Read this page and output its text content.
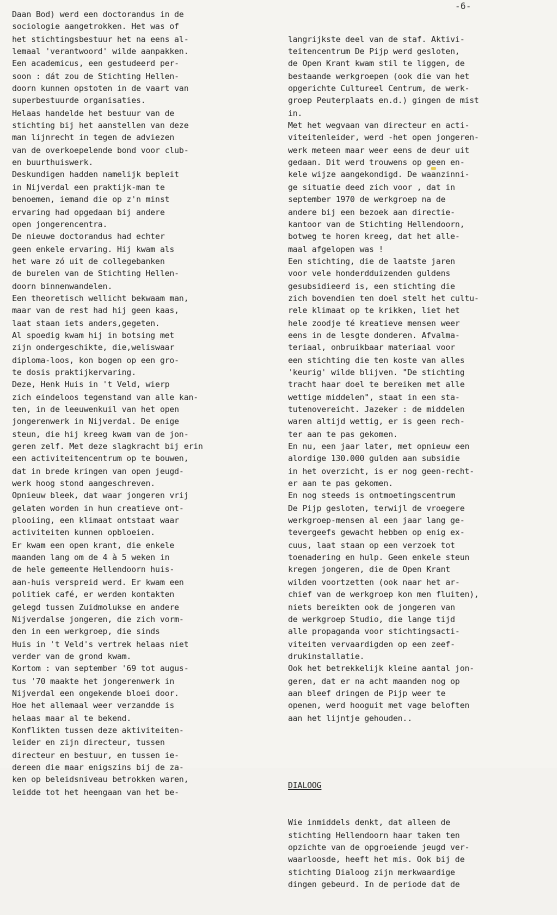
-6-
Daan Bod) werd een doctorandus in de
sociologie aangetrokken. Het was of
het stichtingsbestuur het na eens al-
lemaal 'verantwoord' wilde aanpakken.
Een academicus, een gestudeerd per-
soon : dát zou de Stichting Hellen-
doorn kunnen opstoten in de vaart van
superbestuurde organisaties.
Helaas handelde het bestuur van de
stichting bij het aanstellen van deze
man lijnrecht in tegen de adviezen
van de overkoepelende bond voor club-
en buurthuiswerk.
Deskundigen hadden namelijk bepleit
in Nijverdal een praktijk-man te
benoemen, iemand die op z'n minst
ervaring had opgedaan bij andere
open jongerencentra.
De nieuwe doctorandus had echter
geen enkele ervaring. Hij kwam als
het ware zó uit de collegebanken
de burelen van de Stichting Hellen-
doorn binnenwandelen.
Een theoretisch wellicht bekwaam man,
maar van de rest had hij geen kaas,
laat staan iets anders,gegeten.
Al spoedig kwam hij in botsing met
zijn ondergeschikte, die,weliswaar
diploma-loos, kon bogen op een gro-
te dosis praktijkervaring.
Deze, Henk Huis in 't Veld, wierp
zich eindeloos tegenstand van alle kan-
ten, in de leeuwenkuil van het open
jongerenwerk in Nijverdal. De enige
steun, die hij kreeg kwam van de jon-
geren zelf. Met deze slagkracht bij erin
een activiteitencentrum op te bouwen,
dat in brede kringen van open jeugd-
werk hoog stond aangeschreven.
Opnieuw bleek, dat waar jongeren vrij
gelaten worden in hun creatieve ont-
plooiing, een klimaat ontstaat waar
activiteiten kunnen opbloeien.
Er kwam een open krant, die enkele
maanden lang om de 4 à 5 weken in
de hele gemeente Hellendoorn huis-
aan-huis verspreid werd. Er kwam een
politiek café, er werden kontakten
gelegd tussen Zuidmolukse en andere
Nijverdalse jongeren, die zich vorm-
den in een werkgroep, die sinds
Huis in 't Veld's vertrek helaas niet
verder van de grond kwam.
Kortom : van september '69 tot augus-
tus '70 maakte het jongerenwerk in
Nijverdal een ongekende bloei door.
Hoe het allemaal weer verzandde is
helaas maar al te bekend.
Konflikten tussen deze aktiviteiten-
leider en zijn directeur, tussen
directeur en bestuur, en tussen ie-
dereen die maar enigszins bij de za-
ken op beleidsniveau betrokken waren,
leidde tot het heengaan van het be-

langrijkste deel van de staf. Aktivi-
teitencentrum De Pijp werd gesloten,
de Open Krant kwam stil te liggen, de
bestaande werkgroepen (ook die van het
opgerichte Cultureel Centrum, de werk-
groep Peuterplaats en.d.) gingen de mist
in.
Met het wegvaan van directeur en acti-
viteitenleider, werd -het open jongeren-
werk meteen maar weer eens de deur uit
gedaan. Dit werd trouwens op geen en-
kele wijze aangekondigd. De waanzinni-
ge situatie deed zich voor , dat in
september 1970 de werkgroep na de
andere bij een bezoek aan directie-
kantoor van de Stichting Hellendoorn,
botweg te horen kreeg, dat het alle-
maal afgelopen was !
Een stichting, die de laatste jaren
voor vele honderdduizenden guldens
gesubsidieerd is, een stichting die
zich bovendien ten doel stelt het cultu-
rele klimaat op te krikken, liet het
hele zoodje té kreatieve mensen weer
eens in de lesgte donderen. Afvalma-
teriaal, onbruikbaar materiaal voor
een stichting die ten koste van alles
'keurig' wilde blijven. "De stichting
tracht haar doel te bereiken met alle
wettige middelen", staat in een sta-
tutenovereicht. Jazeker : de middelen
waren altijd wettig, er is geen rech-
ter aan te pas gekomen.
En nu, een jaar later, met opnieuw een
alordige 130.000 gulden aan subsidie
in het overzicht, is er nog geen-recht-
er aan te pas gekomen.
En nog steeds is ontmoetingscentrum
De Pijp gesloten, terwijl de vroegere
werkgroep-mensen al een jaar lang ge-
tevergeefs gewacht hebben op enig ex-
cuus, laat staan op een verzoek tot
toenadering en hulp. Geen enkele steun
kregen jongeren, die de Open Krant
wilden voortzetten (ook naar het ar-
chief van de werkgroep kon men fluiten),
niets bereikten ook de jongeren van
de werkgroep Studio, die lange tijd
alle propaganda voor stichtingsacti-
viteiten vervaardigden op een zeef-
drukinstallatie.
Ook het betrekkelijk kleine aantal jon-
geren, dat er na acht maanden nog op
aan bleef dringen de Pijp weer te
openen, werd hooguit met vage beloften
aan het lijntje gehouden..

DIALOOG

Wie inmiddels denkt, dat alleen de
stichting Hellendoorn haar taken ten
opzichte van de opgroeiende jeugd ver-
waarloosde, heeft het mis. Ook bij de
stichting Dialoog zijn merkwaardige
dingen gebeurd. In de periode dat de
